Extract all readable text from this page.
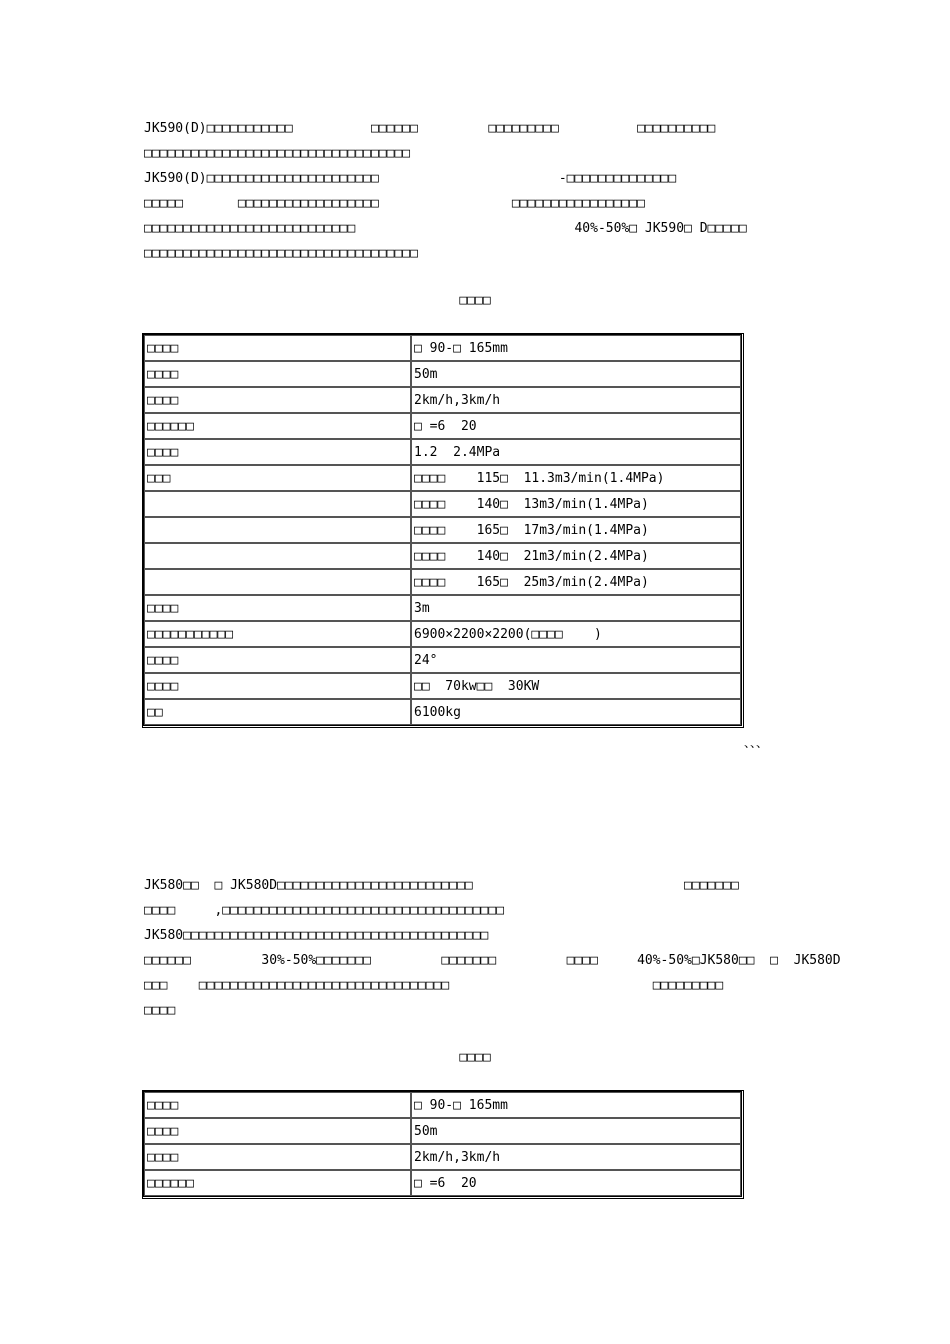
JK590(D)□□□□□□□□□□□          □□□□□□         □□□□□□□□□          □□□□□□□□□□
□□□□□□□□□□□□□□□□□□□□□□□□□□□□□□□□□□
JK590(D)□□□□□□□□□□□□□□□□□□□□□□                       -□□□□□□□□□□□□□□
□□□□□       □□□□□□□□□□□□□□□□□□                 □□□□□□□□□□□□□□□□□
□□□□□□□□□□□□□□□□□□□□□□□□□□□                            40%-50%□ JK590□ D□□□□□
□□□□□□□□□□□□□□□□□□□□□□□□□□□□□□□□□□□
□□□□
□□□□	□ 90-□ 165mm
□□□□	50m
□□□□	2km/h,3km/h
□□□□□□	□ =6  20
□□□□	1.2  2.4MPa
□□□	□□□□    115□  11.3m3/min(1.4MPa)
	□□□□    140□  13m3/min(1.4MPa)
	□□□□    165□  17m3/min(1.4MPa)
	□□□□    140□  21m3/min(2.4MPa)
	□□□□    165□  25m3/min(2.4MPa)
□□□□	3m
□□□□□□□□□□□	6900×2200×2200(□□□□    )
□□□□	24°
□□□□	□□  70kw□□  30KW
□□	6100kg
、、、
JK580□□  □ JK580D□□□□□□□□□□□□□□□□□□□□□□□□□                           □□□□□□□
□□□□     ,□□□□□□□□□□□□□□□□□□□□□□□□□□□□□□□□□□□□
JK580□□□□□□□□□□□□□□□□□□□□□□□□□□□□□□□□□□□□□□□
□□□□□□         30%-50%□□□□□□□         □□□□□□□         □□□□     40%-50%□JK580□□  □  JK580D
□□□    □□□□□□□□□□□□□□□□□□□□□□□□□□□□□□□□                          □□□□□□□□□
□□□□
□□□□
□□□□	□ 90-□ 165mm
□□□□	50m
□□□□	2km/h,3km/h
□□□□□□	□ =6  20
